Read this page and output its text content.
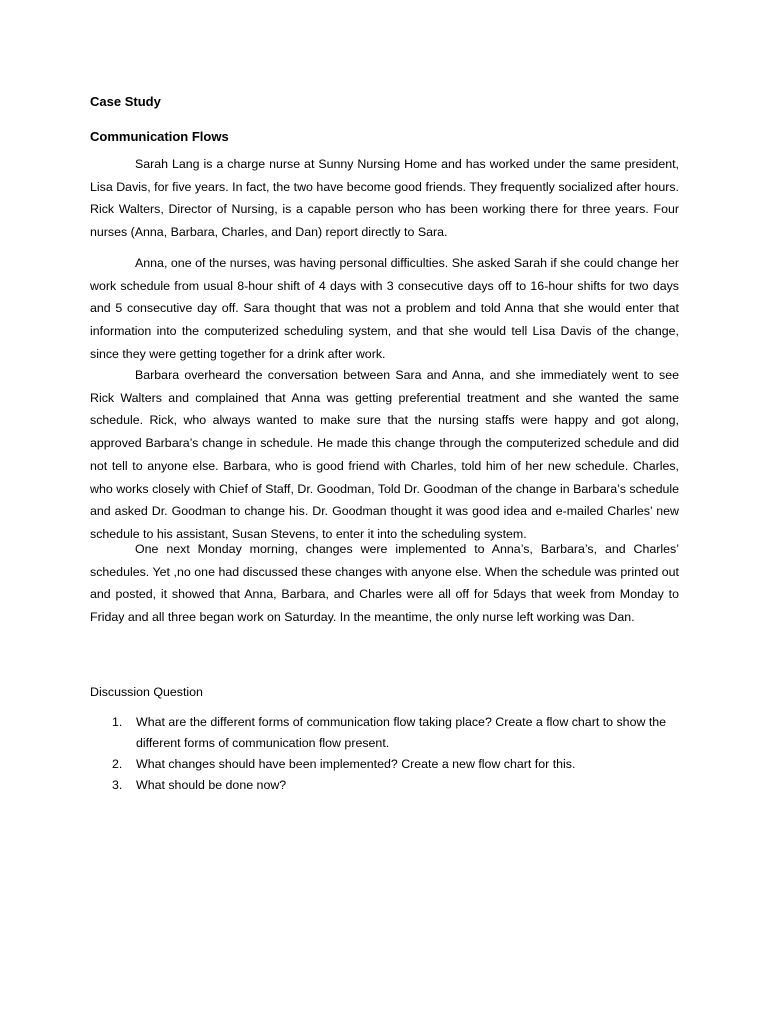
Case Study
Communication Flows

Sarah Lang is a charge nurse at Sunny Nursing Home and has worked under the same president, Lisa Davis, for five years. In fact, the two have become good friends. They frequently socialized after hours. Rick Walters, Director of Nursing, is a capable person who has been working there for three years. Four nurses (Anna, Barbara, Charles, and Dan) report directly to Sara.

Anna, one of the nurses, was having personal difficulties. She asked Sarah if she could change her work schedule from usual 8-hour shift of 4 days with 3 consecutive days off to 16-hour shifts for two days and 5 consecutive day off. Sara thought that was not a problem and told Anna that she would enter that information into the computerized scheduling system, and that she would tell Lisa Davis of the change, since they were getting together for a drink after work.

Barbara overheard the conversation between Sara and Anna, and she immediately went to see Rick Walters and complained that Anna was getting preferential treatment and she wanted the same schedule. Rick, who always wanted to make sure that the nursing staffs were happy and got along, approved Barbara’s change in schedule. He made this change through the computerized schedule and did not tell to anyone else. Barbara, who is good friend with Charles, told him of her new schedule. Charles, who works closely with Chief of Staff, Dr. Goodman, Told Dr. Goodman of the change in Barbara’s schedule and asked Dr. Goodman to change his. Dr. Goodman thought it was good idea and e-mailed Charles’ new schedule to his assistant, Susan Stevens, to enter it into the scheduling system.

One next Monday morning, changes were implemented to Anna’s, Barbara’s, and Charles’ schedules. Yet ,no one had discussed these changes with anyone else. When the schedule was printed out and posted, it showed that Anna, Barbara, and Charles were all off for 5days that week from Monday to Friday and all three began work on Saturday. In the meantime, the only nurse left working was Dan.

Discussion Question
1. What are the different forms of communication flow taking place? Create a flow chart to show the different forms of communication flow present.
2. What changes should have been implemented? Create a new flow chart for this.
3. What should be done now?
